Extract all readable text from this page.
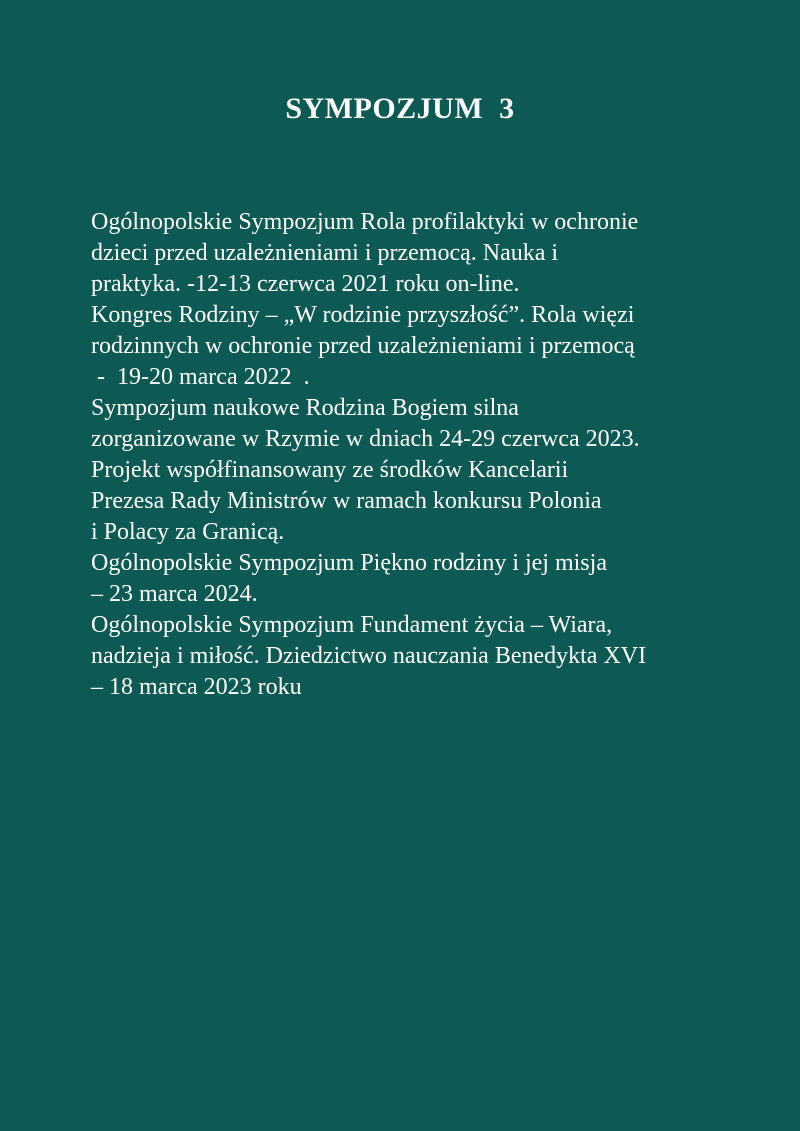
SYMPOZJUM  3
Ogólnopolskie Sympozjum Rola profilaktyki w ochronie
dzieci przed uzależnieniami i przemocą. Nauka i
praktyka. -12-13 czerwca 2021 roku on-line.
Kongres Rodziny – „W rodzinie przyszłość”. Rola więzi
rodzinnych w ochronie przed uzależnieniami i przemocą
-  19-20 marca 2022  .
Sympozjum naukowe Rodzina Bogiem silna
zorganizowane w Rzymie w dniach 24-29 czerwca 2023.
Projekt współfinansowany ze środków Kancelarii
Prezesa Rady Ministrów w ramach konkursu Polonia
i Polacy za Granicą.
Ogólnopolskie Sympozjum Piękno rodziny i jej misja
– 23 marca 2024.
Ogólnopolskie Sympozjum Fundament życia – Wiara,
nadzieja i miłość. Dziedzictwo nauczania Benedykta XVI
– 18 marca 2023 roku
